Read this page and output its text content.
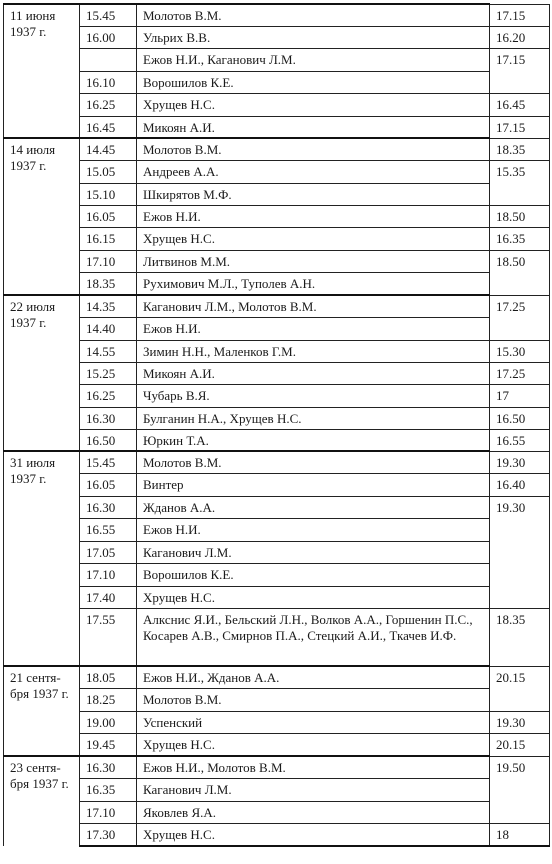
11 июня 1937 г.	15.45	Молотов В.М.	17.15
	16.00	Ульрих В.В.	16.20
		Ежов Н.И., Каганович Л.М.	17.15
	16.10	Ворошилов К.Е.	
	16.25	Хрущев Н.С.	16.45
	16.45	Микоян А.И.	17.15
14 июля 1937 г.	14.45	Молотов В.М.	18.35
	15.05	Андреев А.А.	15.35
	15.10	Шкирятов М.Ф.	
	16.05	Ежов Н.И.	18.50
	16.15	Хрущев Н.С.	16.35
	17.10	Литвинов М.М.	18.50
	18.35	Рухимович М.Л., Туполев А.Н.	
22 июля 1937 г.	14.35	Каганович Л.М., Молотов В.М.	17.25
	14.40	Ежов Н.И.	
	14.55	Зимин Н.Н., Маленков Г.М.	15.30
	15.25	Микоян А.И.	17.25
	16.25	Чубарь В.Я.	17
	16.30	Булганин Н.А., Хрущев Н.С.	16.50
	16.50	Юркин Т.А.	16.55
31 июля 1937 г.	15.45	Молотов В.М.	19.30
	16.05	Винтер	16.40
	16.30	Жданов А.А.	19.30
	16.55	Ежов Н.И.	
	17.05	Каганович Л.М.	
	17.10	Ворошилов К.Е.	
	17.40	Хрущев Н.С.	
	17.55	Алкснис Я.И., Бельский Л.Н., Волков А.А., Горшенин П.С., Косарев А.В., Смирнов П.А., Стецкий А.И., Ткачев И.Ф.	18.35
21 сентября 1937 г.	18.05	Ежов Н.И., Жданов А.А.	20.15
	18.25	Молотов В.М.	
	19.00	Успенский	19.30
	19.45	Хрущев Н.С.	20.15
23 сентября 1937 г.	16.30	Ежов Н.И., Молотов В.М.	19.50
	16.35	Каганович Л.М.	
	17.10	Яковлев Я.А.	
	17.30	Хрущев Н.С.	18
